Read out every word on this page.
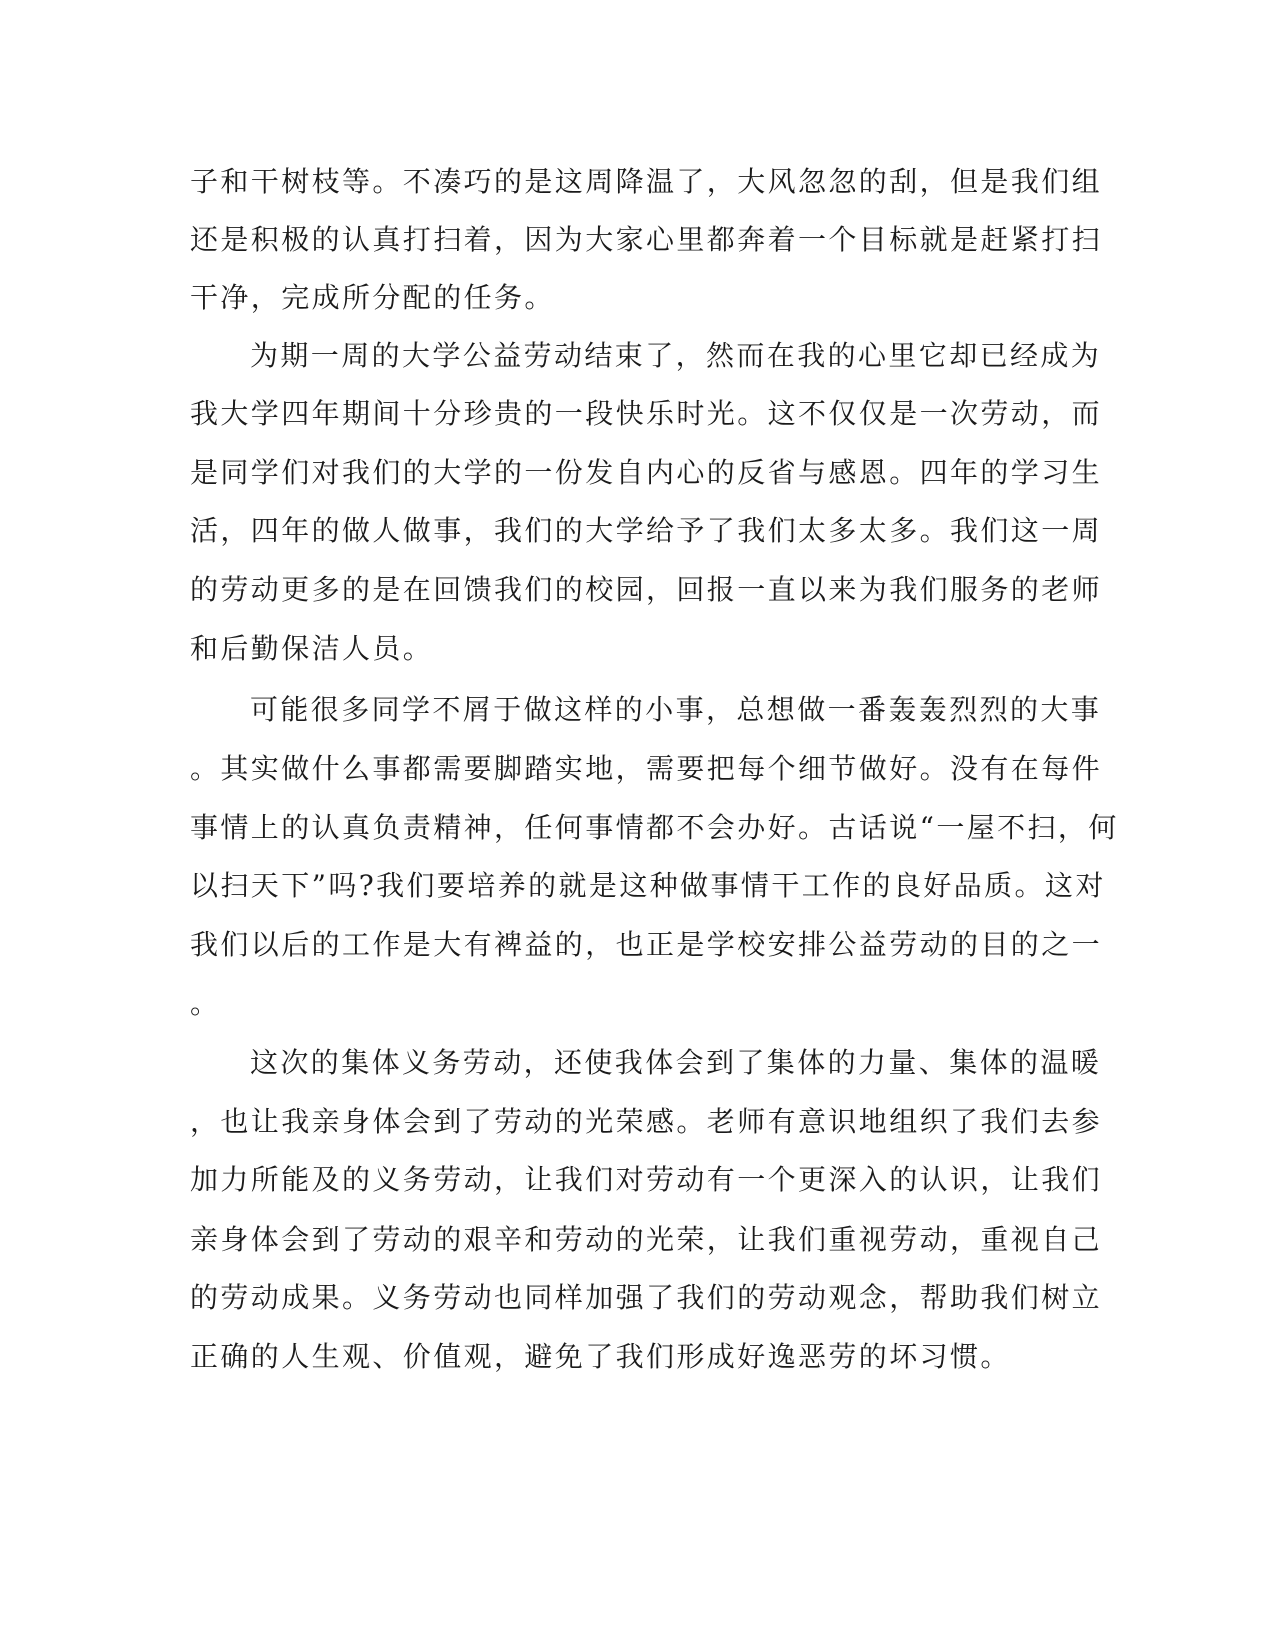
子和干树枝等。不凑巧的是这周降温了，大风忽忽的刮，但是我们组
还是积极的认真打扫着，因为大家心里都奔着一个目标就是赶紧打扫
干净，完成所分配的任务。
为期一周的大学公益劳动结束了，然而在我的心里它却已经成为
我大学四年期间十分珍贵的一段快乐时光。这不仅仅是一次劳动，而
是同学们对我们的大学的一份发自内心的反省与感恩。四年的学习生
活，四年的做人做事，我们的大学给予了我们太多太多。我们这一周
的劳动更多的是在回馈我们的校园，回报一直以来为我们服务的老师
和后勤保洁人员。
可能很多同学不屑于做这样的小事，总想做一番轰轰烈烈的大事
。其实做什么事都需要脚踏实地，需要把每个细节做好。没有在每件
事情上的认真负责精神，任何事情都不会办好。古话说“一屋不扫，何
以扫天下”吗?我们要培养的就是这种做事情干工作的良好品质。这对
我们以后的工作是大有裨益的，也正是学校安排公益劳动的目的之一
。
这次的集体义务劳动，还使我体会到了集体的力量、集体的温暖
，也让我亲身体会到了劳动的光荣感。老师有意识地组织了我们去参
加力所能及的义务劳动，让我们对劳动有一个更深入的认识，让我们
亲身体会到了劳动的艰辛和劳动的光荣，让我们重视劳动，重视自己
的劳动成果。义务劳动也同样加强了我们的劳动观念，帮助我们树立
正确的人生观、价值观，避免了我们形成好逸恶劳的坏习惯。
